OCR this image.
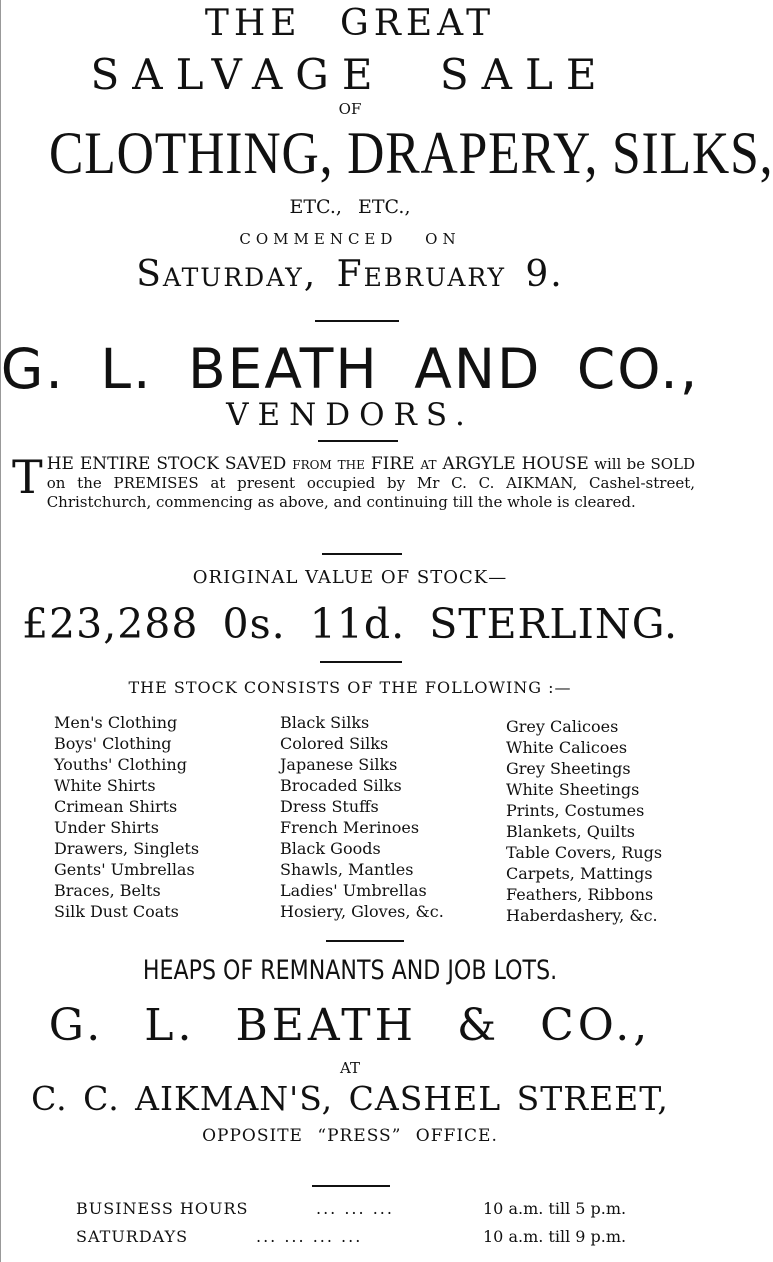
THE GREAT
SALVAGE SALE
OF
CLOTHING, DRAPERY, SILKS,
ETC., ETC.,
COMMENCED ON
Saturday, February 9.
G. L. BEATH AND CO.,
VENDORS.
T HE ENTIRE STOCK SAVED from the FIRE at ARGYLE HOUSE will be SOLD on the PREMISES at present occupied by Mr C. C. AIKMAN, Cashel-street, Christchurch, commencing as above, and continuing till the whole is cleared.
ORIGINAL VALUE OF STOCK—
£23,288 0s. 11d. STERLING.
THE STOCK CONSISTS OF THE FOLLOWING :—
Men's Clothing
Boys' Clothing
Youths' Clothing
White Shirts
Crimean Shirts
Under Shirts
Drawers, Singlets
Gents' Umbrellas
Braces, Belts
Silk Dust Coats
Black Silks
Colored Silks
Japanese Silks
Brocaded Silks
Dress Stuffs
French Merinoes
Black Goods
Shawls, Mantles
Ladies' Umbrellas
Hosiery, Gloves, &c.
Grey Calicoes
White Calicoes
Grey Sheetings
White Sheetings
Prints, Costumes
Blankets, Quilts
Table Covers, Rugs
Carpets, Mattings
Feathers, Ribbons
Haberdashery, &c.
HEAPS OF REMNANTS AND JOB LOTS.
G. L. BEATH & CO.,
AT
C. C. AIKMAN'S, CASHEL STREET,
OPPOSITE “PRESS” OFFICE.
BUSINESS HOURS	... ... ...	10 a.m. till 5 p.m.
SATURDAYS	... ... ... ...	10 a.m. till 9 p.m.
